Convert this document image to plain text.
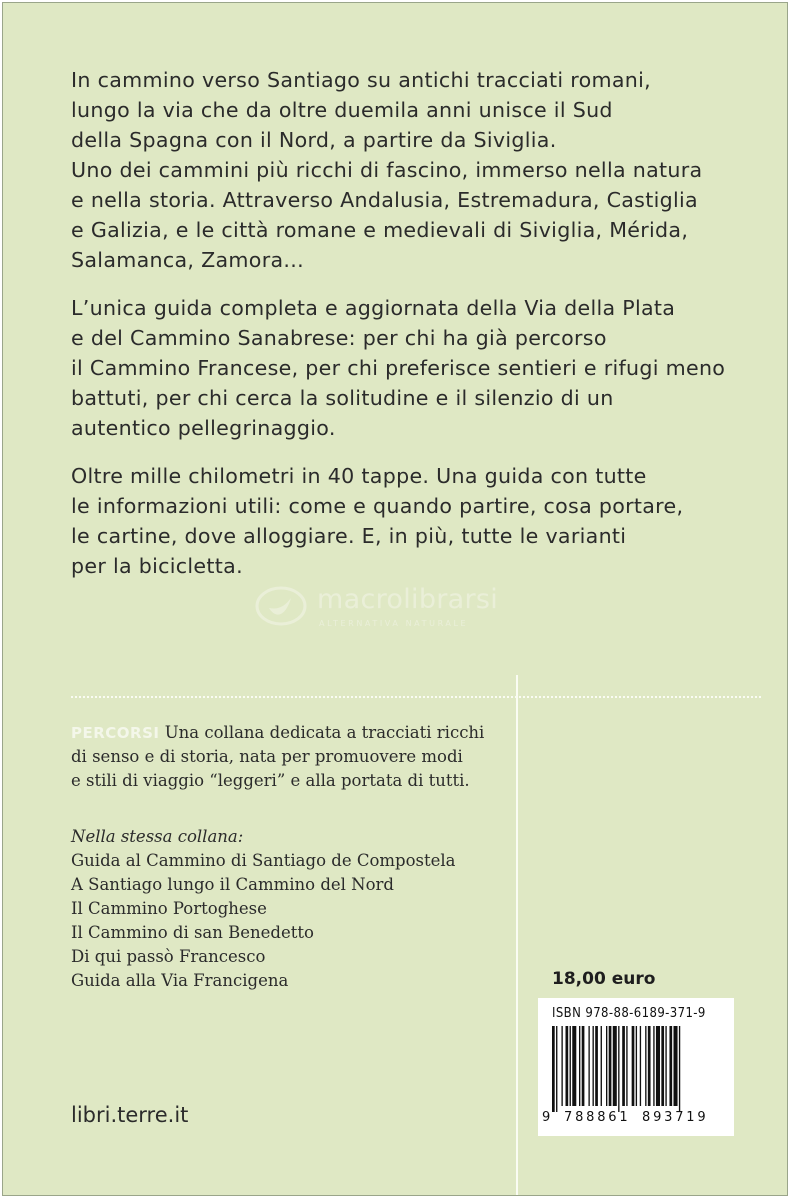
In cammino verso Santiago su antichi tracciati romani,
lungo la via che da oltre duemila anni unisce il Sud
della Spagna con il Nord, a partire da Siviglia.
Uno dei cammini più ricchi di fascino, immerso nella natura
e nella storia. Attraverso Andalusia, Estremadura, Castiglia
e Galizia, e le città romane e medievali di Siviglia, Mérida,
Salamanca, Zamora...

L’unica guida completa e aggiornata della Via della Plata
e del Cammino Sanabrese: per chi ha già percorso
il Cammino Francese, per chi preferisce sentieri e rifugi meno
battuti, per chi cerca la solitudine e il silenzio di un
autentico pellegrinaggio.

Oltre mille chilometri in 40 tappe. Una guida con tutte
le informazioni utili: come e quando partire, cosa portare,
le cartine, dove alloggiare. E, in più, tutte le varianti
per la bicicletta.

macrolibrarsi
ALTERNATIVA NATURALE
PERCORSI Una collana dedicata a tracciati ricchi
di senso e di storia, nata per promuovere modi
e stili di viaggio “leggeri” e alla portata di tutti.
Nella stessa collana:
Guida al Cammino di Santiago de Compostela
A Santiago lungo il Cammino del Nord
Il Cammino Portoghese
Il Cammino di san Benedetto
Di qui passò Francesco
Guida alla Via Francigena	18,00 euro
ISBN 978-88-6189-371-9
9 788861 893719
libri.terre.it
